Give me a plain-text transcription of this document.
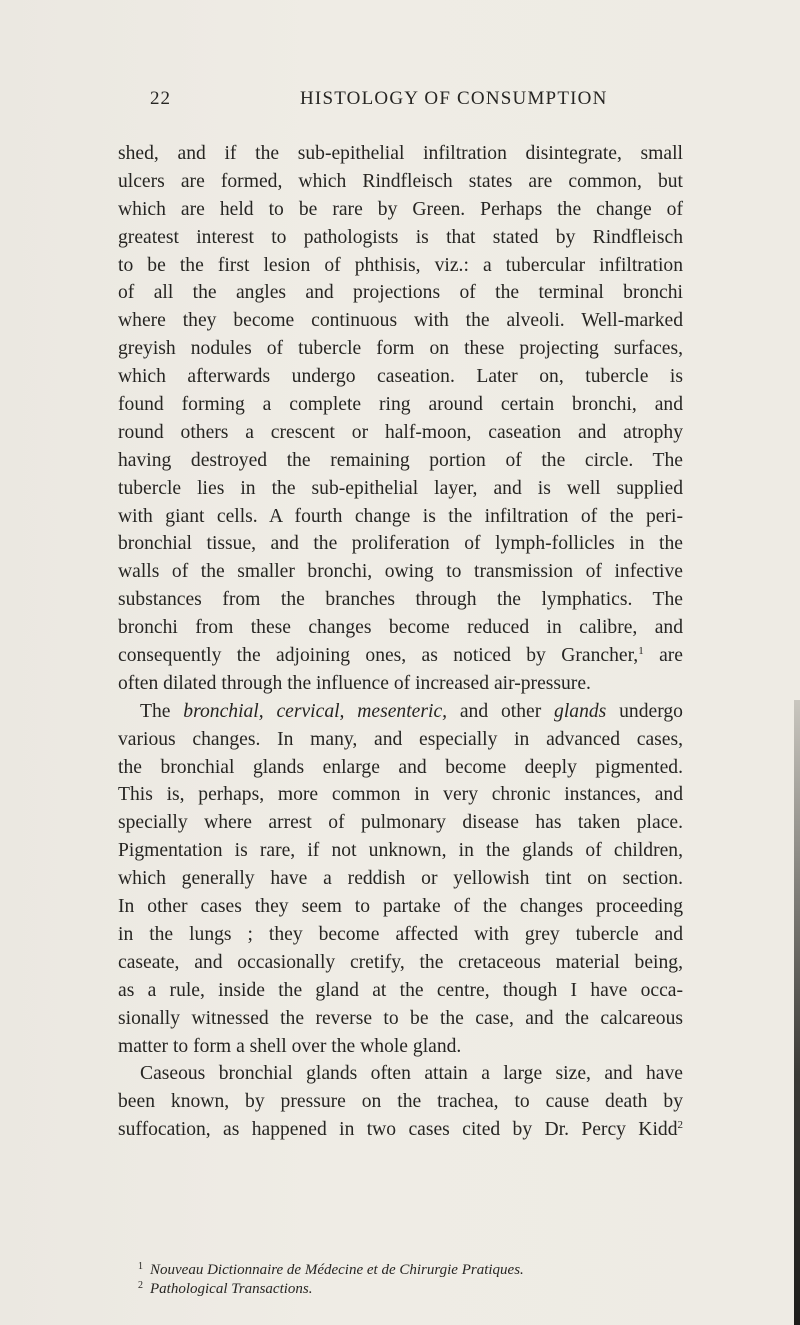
22	HISTOLOGY OF CONSUMPTION
shed, and if the sub-epithelial infiltration disintegrate, small
ulcers are formed, which Rindfleisch states are common, but
which are held to be rare by Green. Perhaps the change of
greatest interest to pathologists is that stated by Rindfleisch
to be the first lesion of phthisis, viz.: a tubercular infiltration
of all the angles and projections of the terminal bronchi
where they become continuous with the alveoli. Well-marked
greyish nodules of tubercle form on these projecting surfaces,
which afterwards undergo caseation. Later on, tubercle is
found forming a complete ring around certain bronchi, and
round others a crescent or half-moon, caseation and atrophy
having destroyed the remaining portion of the circle. The
tubercle lies in the sub-epithelial layer, and is well supplied
with giant cells. A fourth change is the infiltration of the peri-
bronchial tissue, and the proliferation of lymph-follicles in the
walls of the smaller bronchi, owing to transmission of infective
substances from the branches through the lymphatics. The
bronchi from these changes become reduced in calibre, and
consequently the adjoining ones, as noticed by Grancher,$^1$ are
often dilated through the influence of increased air-pressure.
The bronchial, cervical, mesenteric, and other glands undergo
various changes. In many, and especially in advanced cases,
the bronchial glands enlarge and become deeply pigmented.
This is, perhaps, more common in very chronic instances, and
specially where arrest of pulmonary disease has taken place.
Pigmentation is rare, if not unknown, in the glands of children,
which generally have a reddish or yellowish tint on section.
In other cases they seem to partake of the changes proceeding
in the lungs ; they become affected with grey tubercle and
caseate, and occasionally cretify, the cretaceous material being,
as a rule, inside the gland at the centre, though I have occa-
sionally witnessed the reverse to be the case, and the calcareous
matter to form a shell over the whole gland.
Caseous bronchial glands often attain a large size, and have
been known, by pressure on the trachea, to cause death by
suffocation, as happened in two cases cited by Dr. Percy Kidd$^2$
1 Nouveau Dictionnaire de Médecine et de Chirurgie Pratiques.
2 Pathological Transactions.
